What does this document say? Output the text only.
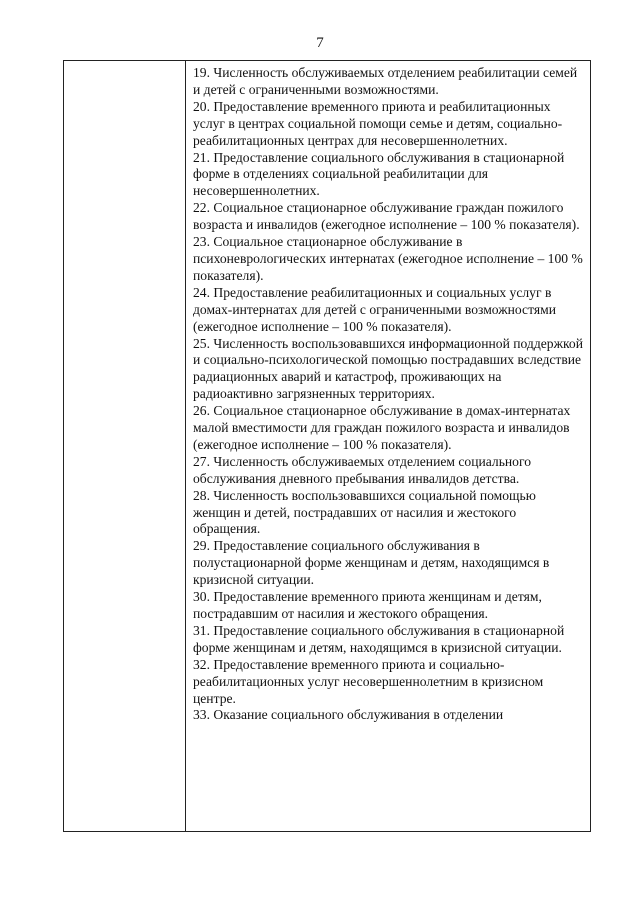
7

19. Численность обслуживаемых отделением реабилитации семей и детей с ограниченными возможностями.

20. Предоставление временного приюта и реабилитационных услуг в центрах социальной помощи семье и детям, социально-реабилитационных центрах для несовершеннолетних.

21. Предоставление социального обслуживания в стационарной форме в отделениях социальной реабилитации для несовершеннолетних.

22. Социальное стационарное обслуживание граждан пожилого возраста и инвалидов (ежегодное исполнение – 100 % показателя).

23. Социальное стационарное обслуживание в психоневрологических интернатах (ежегодное исполнение – 100 % показателя).

24. Предоставление реабилитационных и социальных услуг в домах-интернатах для детей с ограниченными возможностями (ежегодное исполнение – 100 % показателя).

25. Численность воспользовавшихся информационной поддержкой и социально-психологической помощью пострадавших вследствие радиационных аварий и катастроф, проживающих на радиоактивно загрязненных территориях.

26. Социальное стационарное обслуживание в домах-интернатах малой вместимости для граждан пожилого возраста и инвалидов (ежегодное исполнение – 100 % показателя).

27. Численность обслуживаемых отделением социального обслуживания дневного пребывания инвалидов детства.

28. Численность воспользовавшихся социальной помощью женщин и детей, пострадавших от насилия и жестокого обращения.

29. Предоставление социального обслуживания в полустационарной форме женщинам и детям, находящимся в кризисной ситуации.

30. Предоставление временного приюта женщинам и детям, пострадавшим от насилия и жестокого обращения.

31. Предоставление социального обслуживания в стационарной форме женщинам и детям, находящимся в кризисной ситуации.

32. Предоставление временного приюта и социально-реабилитационных услуг несовершеннолетним в кризисном центре.

33. Оказание социального обслуживания в отделении
